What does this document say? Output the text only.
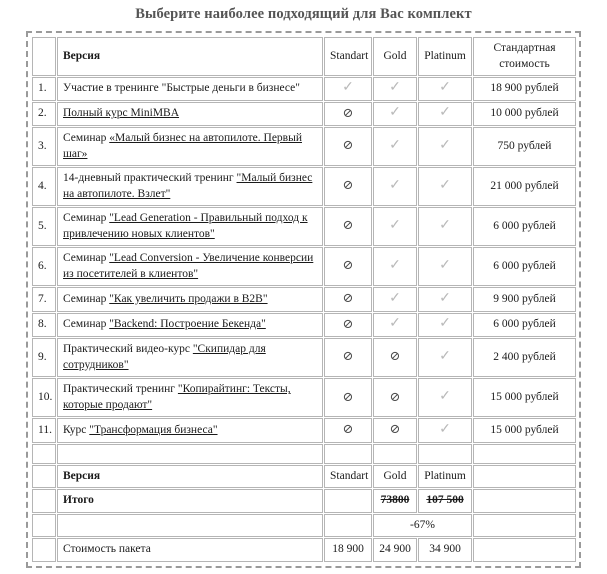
Выберите наиболее подходящий для Вас комплект
	Версия	Standart	Gold	Platinum	Стандартная
стоимость
1.	Участие в тренинге "Быстрые деньги в бизнесе"	✓	✓	✓	18 900 рублей
2.	Полный курс MiniMBA	⊘	✓	✓	10 000 рублей
3.	Семинар «Малый бизнес на автопилоте. Первый шаг»	⊘	✓	✓	750 рублей
4.	14-дневный практический тренинг "Малый бизнес на автопилоте. Взлет"	⊘	✓	✓	21 000 рублей
5.	Семинар "Lead Generation - Правильный подход к привлечению новых клиентов"	⊘	✓	✓	6 000 рублей
6.	Семинар "Lead Conversion - Увеличение конверсии из посетителей в клиентов"	⊘	✓	✓	6 000 рублей
7.	Семинар "Как увеличить продажи в B2B"	⊘	✓	✓	9 900 рублей
8.	Семинар "Backend: Построение Бекенда"	⊘	✓	✓	6 000 рублей
9.	Практический видео-курс "Скипидар для сотрудников"	⊘	⊘	✓	2 400 рублей
10.	Практический тренинг "Копирайтинг: Тексты, которые продают"	⊘	⊘	✓	15 000 рублей
11.	Курс "Трансформация бизнеса"	⊘	⊘	✓	15 000 рублей

	Версия	Standart	Gold	Platinum	
	Итого		73800	107 500	
			-67%		
	Стоимость пакета	18 900	24 900	34 900	
